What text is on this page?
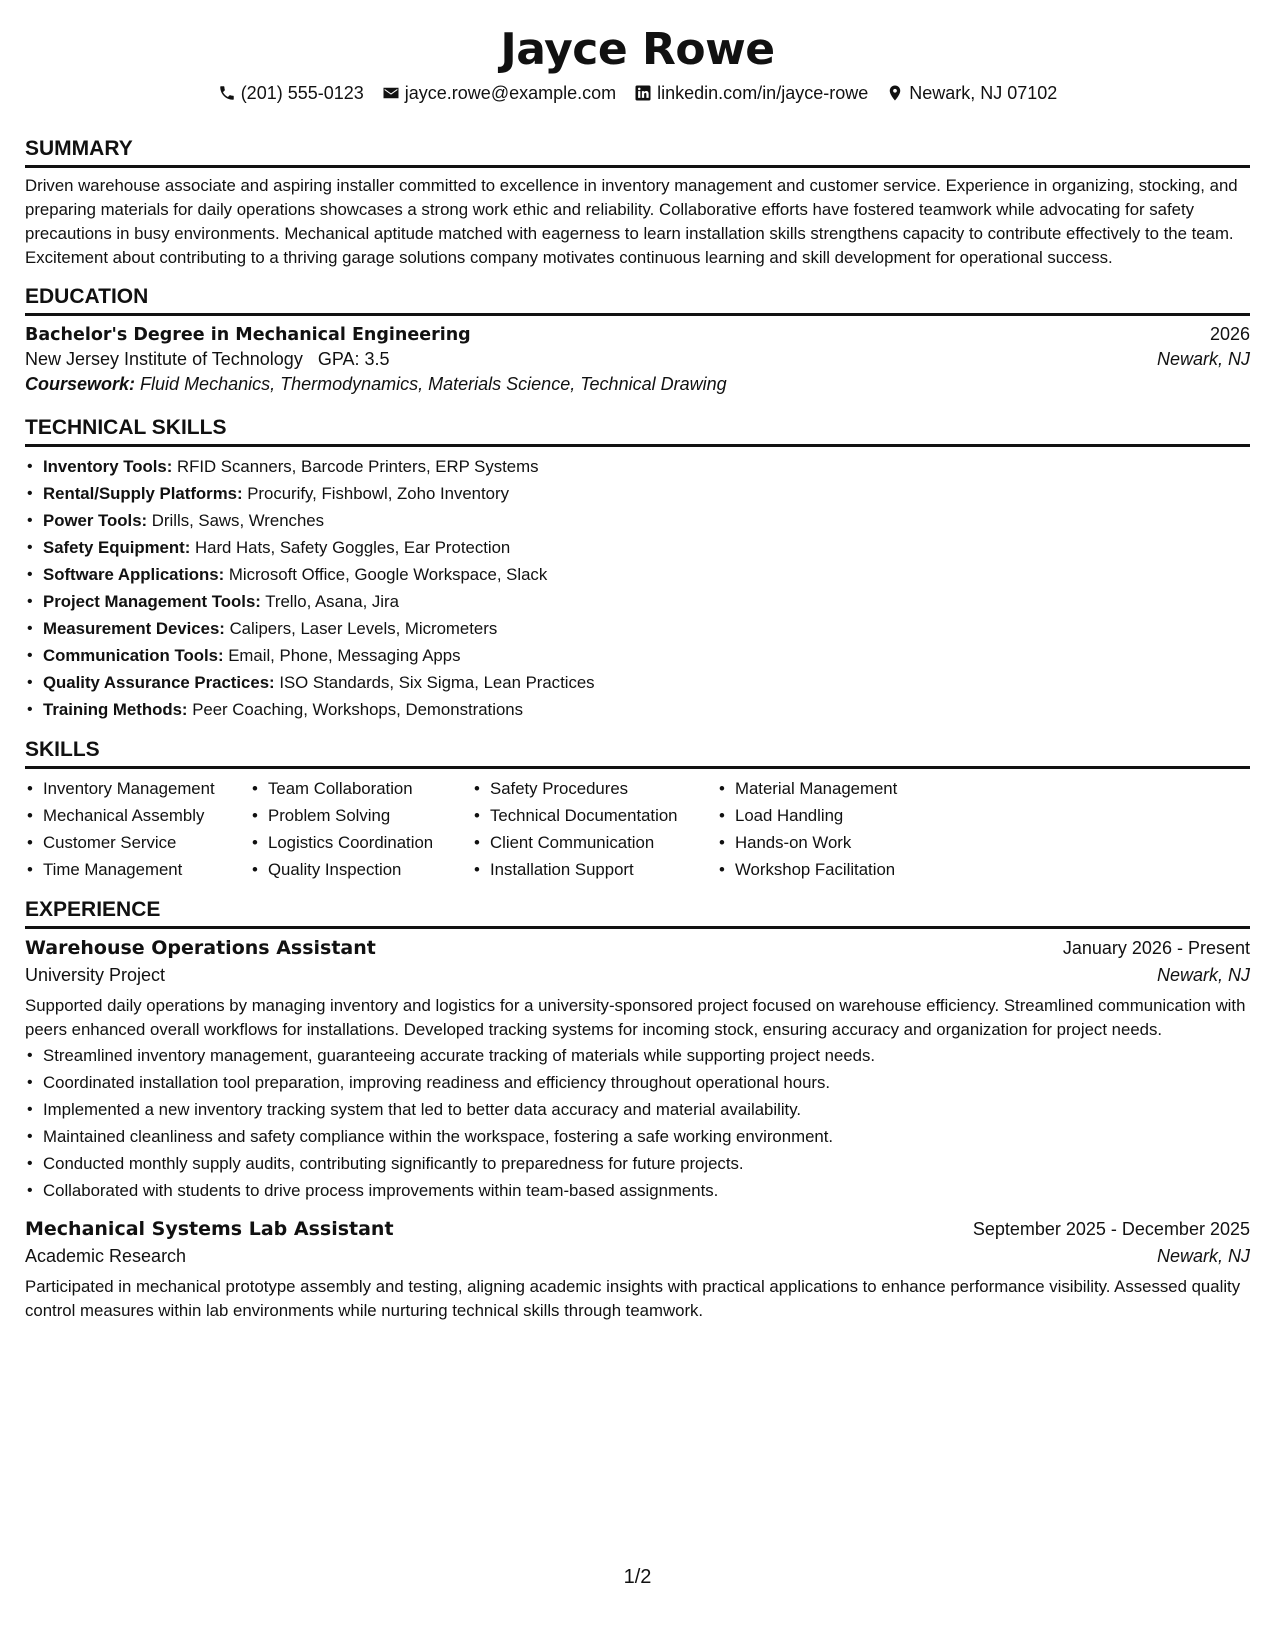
Jayce Rowe
(201) 555-0123 jayce.rowe@example.com linkedin.com/in/jayce-rowe Newark, NJ 07102
SUMMARY
Driven warehouse associate and aspiring installer committed to excellence in inventory management and customer service. Experience in organizing, stocking, and preparing materials for daily operations showcases a strong work ethic and reliability. Collaborative efforts have fostered teamwork while advocating for safety precautions in busy environments. Mechanical aptitude matched with eagerness to learn installation skills strengthens capacity to contribute effectively to the team. Excitement about contributing to a thriving garage solutions company motivates continuous learning and skill development for operational success.
EDUCATION
Bachelor's Degree in Mechanical Engineering	2026
New Jersey Institute of Technology GPA: 3.5	Newark, NJ
Coursework: Fluid Mechanics, Thermodynamics, Materials Science, Technical Drawing
TECHNICAL SKILLS
• Inventory Tools: RFID Scanners, Barcode Printers, ERP Systems
• Rental/Supply Platforms: Procurify, Fishbowl, Zoho Inventory
• Power Tools: Drills, Saws, Wrenches
• Safety Equipment: Hard Hats, Safety Goggles, Ear Protection
• Software Applications: Microsoft Office, Google Workspace, Slack
• Project Management Tools: Trello, Asana, Jira
• Measurement Devices: Calipers, Laser Levels, Micrometers
• Communication Tools: Email, Phone, Messaging Apps
• Quality Assurance Practices: ISO Standards, Six Sigma, Lean Practices
• Training Methods: Peer Coaching, Workshops, Demonstrations
SKILLS
• Inventory Management
• Mechanical Assembly
• Customer Service
• Time Management
• Team Collaboration
• Problem Solving
• Logistics Coordination
• Quality Inspection
• Safety Procedures
• Technical Documentation
• Client Communication
• Installation Support
• Material Management
• Load Handling
• Hands-on Work
• Workshop Facilitation
EXPERIENCE
Warehouse Operations Assistant	January 2026 - Present
University Project	Newark, NJ
Supported daily operations by managing inventory and logistics for a university-sponsored project focused on warehouse efficiency. Streamlined communication with peers enhanced overall workflows for installations. Developed tracking systems for incoming stock, ensuring accuracy and organization for project needs.
• Streamlined inventory management, guaranteeing accurate tracking of materials while supporting project needs.
• Coordinated installation tool preparation, improving readiness and efficiency throughout operational hours.
• Implemented a new inventory tracking system that led to better data accuracy and material availability.
• Maintained cleanliness and safety compliance within the workspace, fostering a safe working environment.
• Conducted monthly supply audits, contributing significantly to preparedness for future projects.
• Collaborated with students to drive process improvements within team-based assignments.
Mechanical Systems Lab Assistant	September 2025 - December 2025
Academic Research	Newark, NJ
Participated in mechanical prototype assembly and testing, aligning academic insights with practical applications to enhance performance visibility. Assessed quality control measures within lab environments while nurturing technical skills through teamwork.
1/2
